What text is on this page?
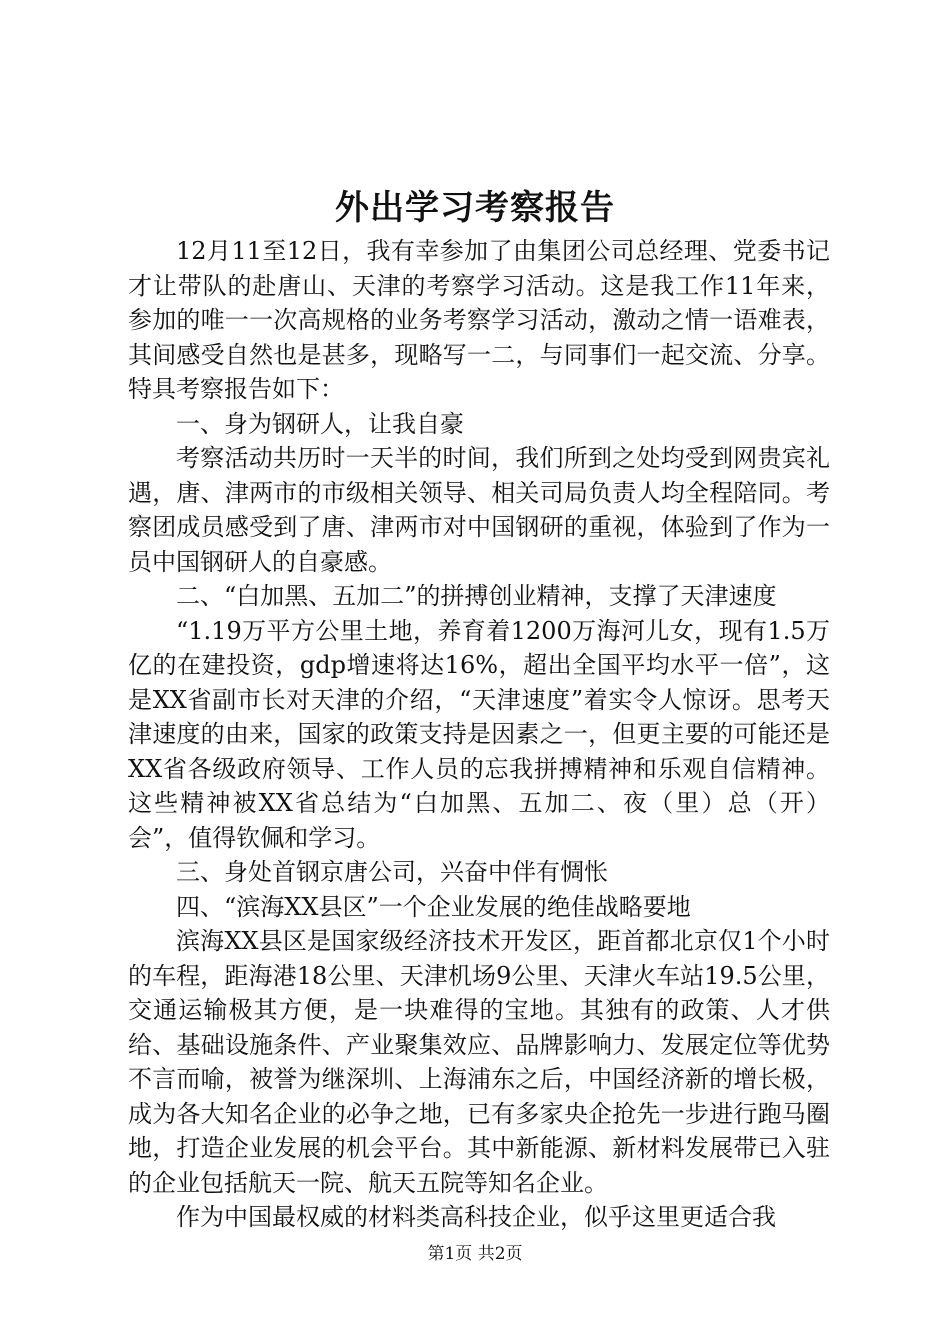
外出学习考察报告

12月11至12日，我有幸参加了由集团公司总经理、党委书记才让带队的赴唐山、天津的考察学习活动。这是我工作11年来，参加的唯一一次高规格的业务考察学习活动，激动之情一语难表，其间感受自然也是甚多，现略写一二，与同事们一起交流、分享。特具考察报告如下：

一、身为钢研人，让我自豪

考察活动共历时一天半的时间，我们所到之处均受到网贵宾礼遇，唐、津两市的市级相关领导、相关司局负责人均全程陪同。考察团成员感受到了唐、津两市对中国钢研的重视，体验到了作为一员中国钢研人的自豪感。

二、“白加黑、五加二”的拼搏创业精神，支撑了天津速度

“1.19万平方公里土地，养育着1200万海河儿女，现有1.5万亿的在建投资，gdp增速将达16%，超出全国平均水平一倍”，这是XX省副市长对天津的介绍，“天津速度”着实令人惊讶。思考天津速度的由来，国家的政策支持是因素之一，但更主要的可能还是XX省各级政府领导、工作人员的忘我拼搏精神和乐观自信精神。这些精神被XX省总结为“白加黑、五加二、夜（里）总（开）会”，值得钦佩和学习。

三、身处首钢京唐公司，兴奋中伴有惆怅

四、“滨海XX县区”一个企业发展的绝佳战略要地

滨海XX县区是国家级经济技术开发区，距首都北京仅1个小时的车程，距海港18公里、天津机场9公里、天津火车站19.5公里，交通运输极其方便，是一块难得的宝地。其独有的政策、人才供给、基础设施条件、产业聚集效应、品牌影响力、发展定位等优势不言而喻，被誉为继深圳、上海浦东之后，中国经济新的增长极，成为各大知名企业的必争之地，已有多家央企抢先一步进行跑马圈地，打造企业发展的机会平台。其中新能源、新材料发展带已入驻的企业包括航天一院、航天五院等知名企业。

作为中国最权威的材料类高科技企业，似乎这里更适合我

第1页 共2页
